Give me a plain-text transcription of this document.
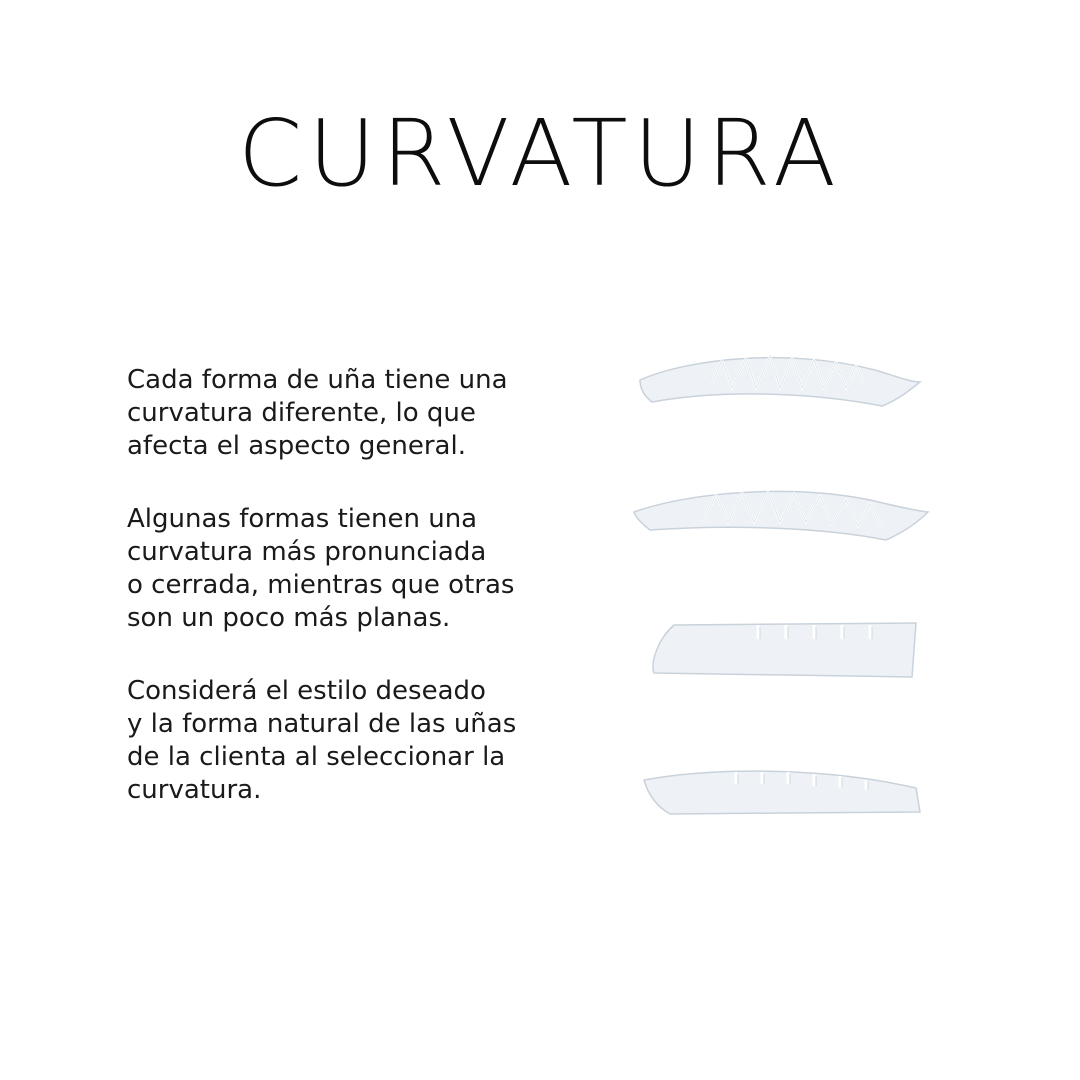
CURVATURA

Cada forma de uña tiene una
curvatura diferente, lo que
afecta el aspecto general.

Algunas formas tienen una
curvatura más pronunciada
o cerrada, mientras que otras
son un poco más planas.

Considerá el estilo deseado
y la forma natural de las uñas
de la clienta al seleccionar la
curvatura.
